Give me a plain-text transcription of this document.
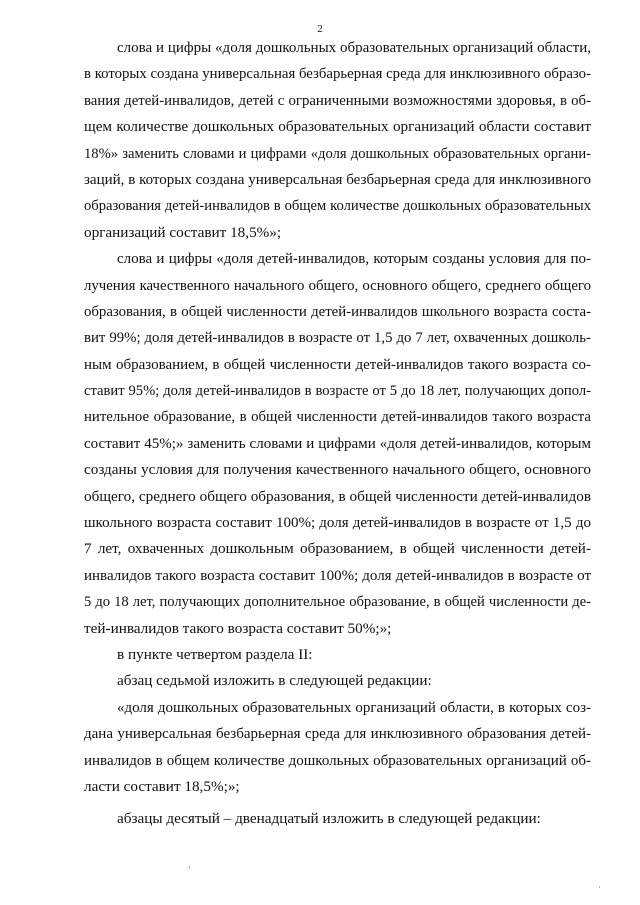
2
слова и цифры «доля дошкольных образовательных организаций области,
в которых создана универсальная безбарьерная среда для инклюзивного образо-
вания детей-инвалидов, детей с ограниченными возможностями здоровья, в об-
щем количестве дошкольных образовательных организаций области составит
18%» заменить словами и цифрами «доля дошкольных образовательных органи-
заций, в которых создана универсальная безбарьерная среда для инклюзивного
образования детей-инвалидов в общем количестве дошкольных образовательных
организаций составит 18,5%»;
слова и цифры «доля детей-инвалидов, которым созданы условия для по-
лучения качественного начального общего, основного общего, среднего общего
образования, в общей численности детей-инвалидов школьного возраста соста-
вит 99%; доля детей-инвалидов в возрасте от 1,5 до 7 лет, охваченных дошколь-
ным образованием, в общей численности детей-инвалидов такого возраста со-
ставит 95%; доля детей-инвалидов в возрасте от 5 до 18 лет, получающих допол-
нительное образование, в общей численности детей-инвалидов такого возраста
составит 45%;» заменить словами и цифрами «доля детей-инвалидов, которым
созданы условия для получения качественного начального общего, основного
общего, среднего общего образования, в общей численности детей-инвалидов
школьного возраста составит 100%; доля детей-инвалидов в возрасте от 1,5 до
7 лет, охваченных дошкольным образованием, в общей численности детей-
инвалидов такого возраста составит 100%; доля детей-инвалидов в возрасте от
5 до 18 лет, получающих дополнительное образование, в общей численности де-
тей-инвалидов такого возраста составит 50%;»;
в пункте четвертом раздела II:
абзац седьмой изложить в следующей редакции:
«доля дошкольных образовательных организаций области, в которых соз-
дана универсальная безбарьерная среда для инклюзивного образования детей-
инвалидов в общем количестве дошкольных образовательных организаций об-
ласти составит 18,5%;»;
абзацы десятый – двенадцатый изложить в следующей редакции:
